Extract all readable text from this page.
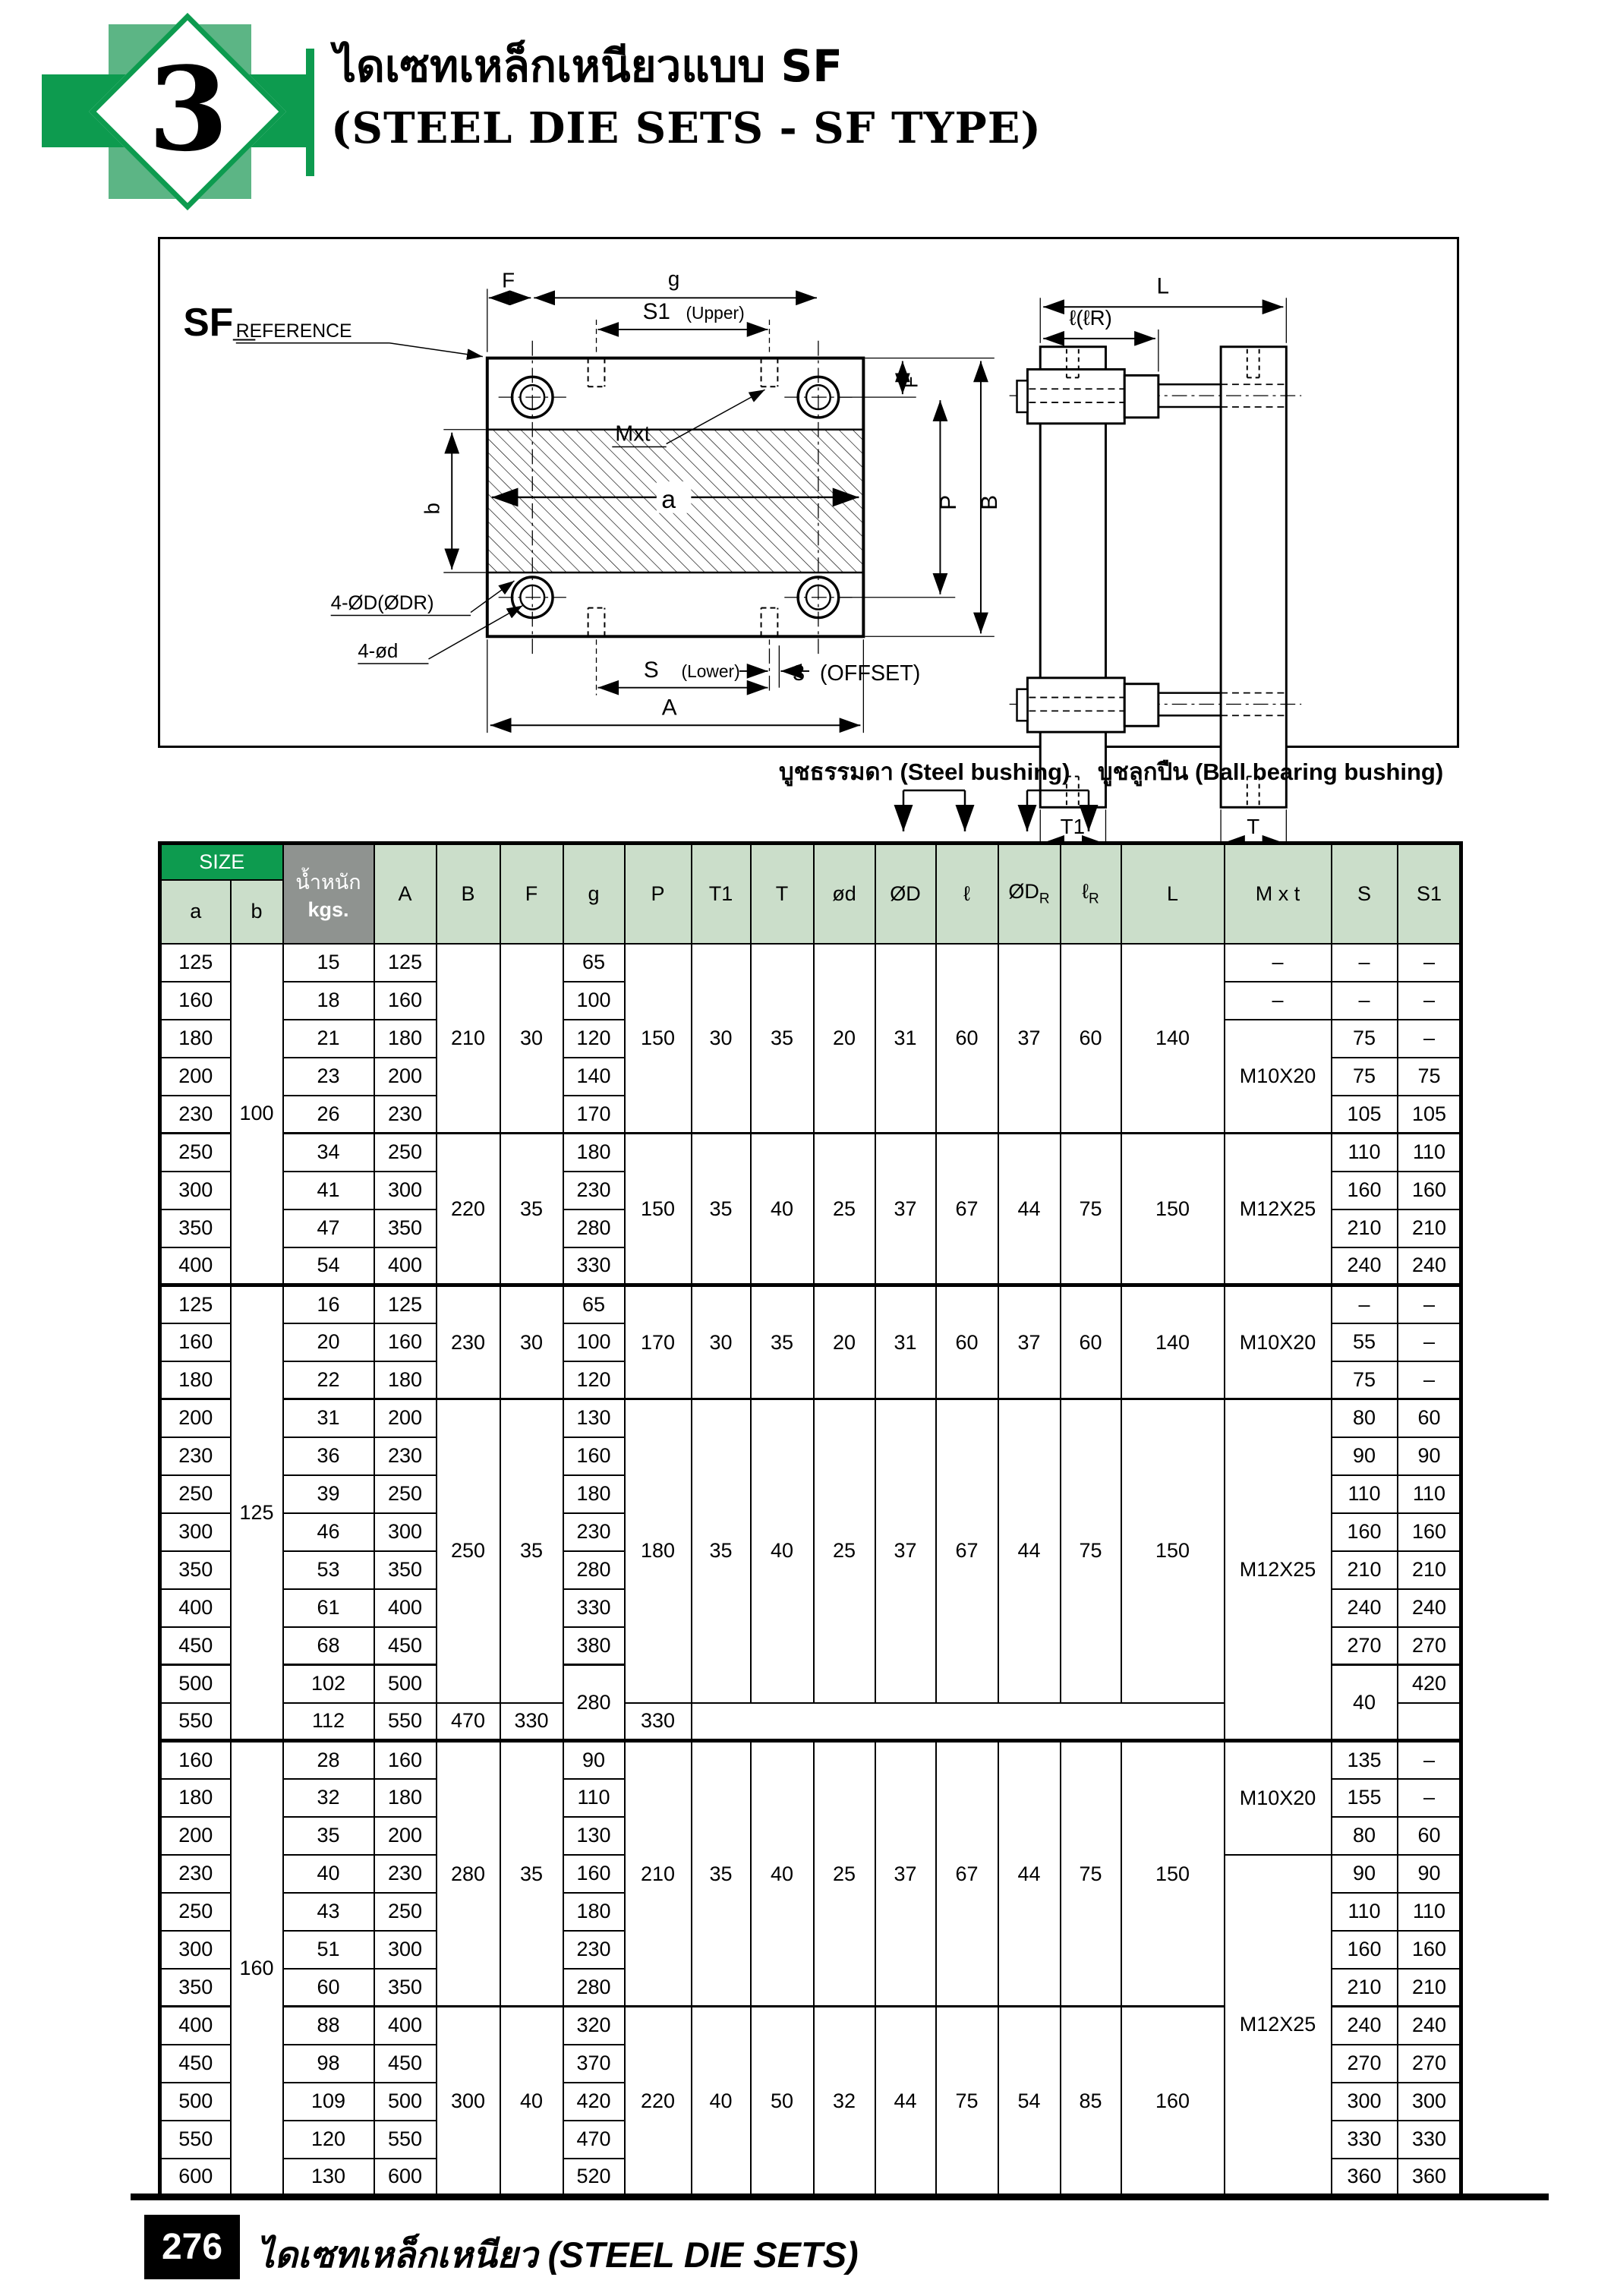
3 ไดเซทเหล็กเหนียวแบบ SF
(STEEL DIE SETS - SF TYPE)
SF_
a
F	g
S1 (Upper)
REFERENCE
Mxt
b
F
P B
4-ØD(ØDR)
4-ød
S (Lower)
A
3 (OFFSET)
L
ℓ(ℓR)
T1	T
บูชธรรมดา (Steel bushing) บูชลูกปืน (Ball bearing bushing)
SIZE		น้ำหนัก
kgs.	A	B	F	g	P	T1	T	ød	ØD	ℓ	$ØD_R$	ℓ$_R$	L	M x t	S	S1	
a	b																		
125	100	15	125	210	30	65	150	30	35	20	31	60	37	60	140	–	–	–	
160		18	160			100										–	–	–	
180		21	180			120										M10X20	75	–	
200		23	200			140											75	75	
230		26	230			170											105	105	
250		34	250	220	35	180	150	35	40	25	37	67	44	75	150	M12X25	110	110	
300		41	300			230											160	160	
350		47	350			280											210	210	
400		54	400			330											240	240	
125	125	16	125	230	30	65	170	30	35	20	31	60	37	60	140	M10X20	–	–	
160		20	160			100											55	–	
180		22	180			120											75	–	
200		31	200	250	35	130	180	35	40	25	37	67	44	75	150	M12X25	80	60	
230		36	230			160											90	90	
250		39	250			180											110	110	
300		46	300			230											160	160	
350		53	350			280											210	210	
400		61	400			330											240	240	
450		68	450			380											270	270	
500		102	500			280											40	420											
550		112	550	470	330		330												
160	160	28	160	280	35	90	210	35	40	25	37	67	44	75	150	M10X20	135	–	
180		32	180			110											155	–	
200		35	200			130											80	60	
230		40	230			160										M12X25	90	90	
250		43	250			180											110	110	
300		51	300			230											160	160	
350		60	350			280											210	210	
400		88	400	300	40	320	220	40	50	32	44	75	54	85	160		240	240	
450		98	450			370											270	270	
500		109	500			420											300	300	
550		120	550			470											330	330	
600		130	600			520											360	360	
276 ไดเซทเหล็กเหนียว (STEEL DIE SETS)
